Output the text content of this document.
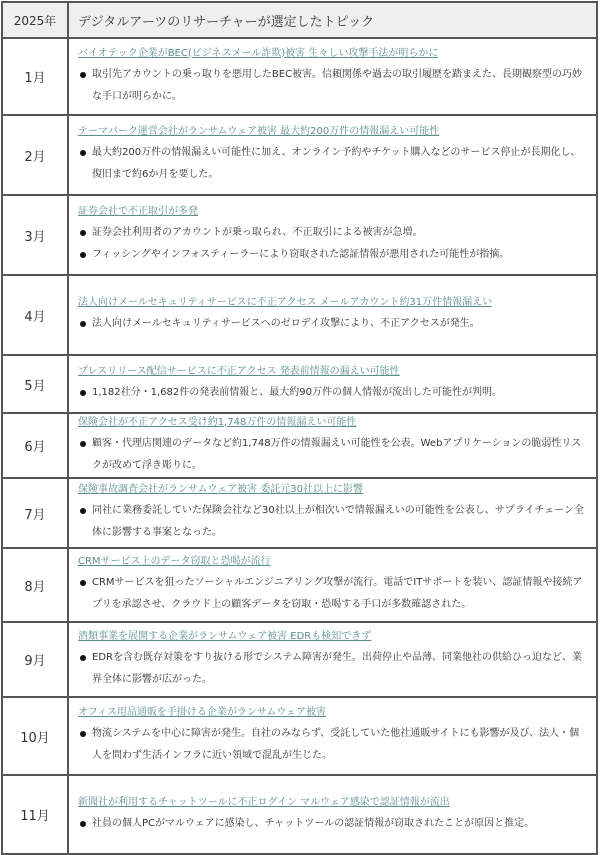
2025年	デジタルアーツのリサーチャーが選定したトピック
1月
バイオテック企業がBEC(ビジネスメール詐欺)被害 生々しい攻撃手法が明らかに
取引先アカウントの乗っ取りを悪用したBEC被害。信頼関係や過去の取引履歴を踏まえた、長期観察型の巧妙な手口が明らかに。
2月
テーマパーク運営会社がランサムウェア被害 最大約200万件の情報漏えい可能性
最大約200万件の情報漏えい可能性に加え、オンライン予約やチケット購入などのサービス停止が長期化し、復旧まで約6か月を要した。
3月
証券会社で不正取引が多発
証券会社利用者のアカウントが乗っ取られ、不正取引による被害が急増。
フィッシングやインフォスティーラーにより窃取された認証情報が悪用された可能性が指摘。
4月
法人向けメールセキュリティサービスに不正アクセス メールアカウント約31万件情報漏えい
法人向けメールセキュリティサービスへのゼロデイ攻撃により、不正アクセスが発生。
5月
プレスリリース配信サービスに不正アクセス 発表前情報の漏えい可能性
1,182社分・1,682件の発表前情報と、最大約90万件の個人情報が流出した可能性が判明。
6月
保険会社が不正アクセス受け約1,748万件の情報漏えい可能性
顧客・代理店関連のデータなど約1,748万件の情報漏えい可能性を公表。Webアプリケーションの脆弱性リスクが改めて浮き彫りに。
7月
保険事故調査会社がランサムウェア被害 委託元30社以上に影響
同社に業務委託していた保険会社など30社以上が相次いで情報漏えいの可能性を公表し、サプライチェーン全体に影響する事案となった。
8月
CRMサービス上のデータ窃取と恐喝が流行
CRMサービスを狙ったソーシャルエンジニアリング攻撃が流行。電話でITサポートを装い、認証情報や接続アプリを承認させ、クラウド上の顧客データを窃取・恐喝する手口が多数確認された。
9月
酒類事業を展開する企業がランサムウェア被害 EDRも検知できず
EDRを含む既存対策をすり抜ける形でシステム障害が発生。出荷停止や品薄、同業他社の供給ひっ迫など、業界全体に影響が広がった。
10月
オフィス用品通販を手掛ける企業がランサムウェア被害
物流システムを中心に障害が発生。自社のみならず、受託していた他社通販サイトにも影響が及び、法人・個人を問わず生活インフラに近い領域で混乱が生じた。
11月
新聞社が利用するチャットツールに不正ログイン マルウェア感染で認証情報が流出
社員の個人PCがマルウェアに感染し、チャットツールの認証情報が窃取されたことが原因と推定。
